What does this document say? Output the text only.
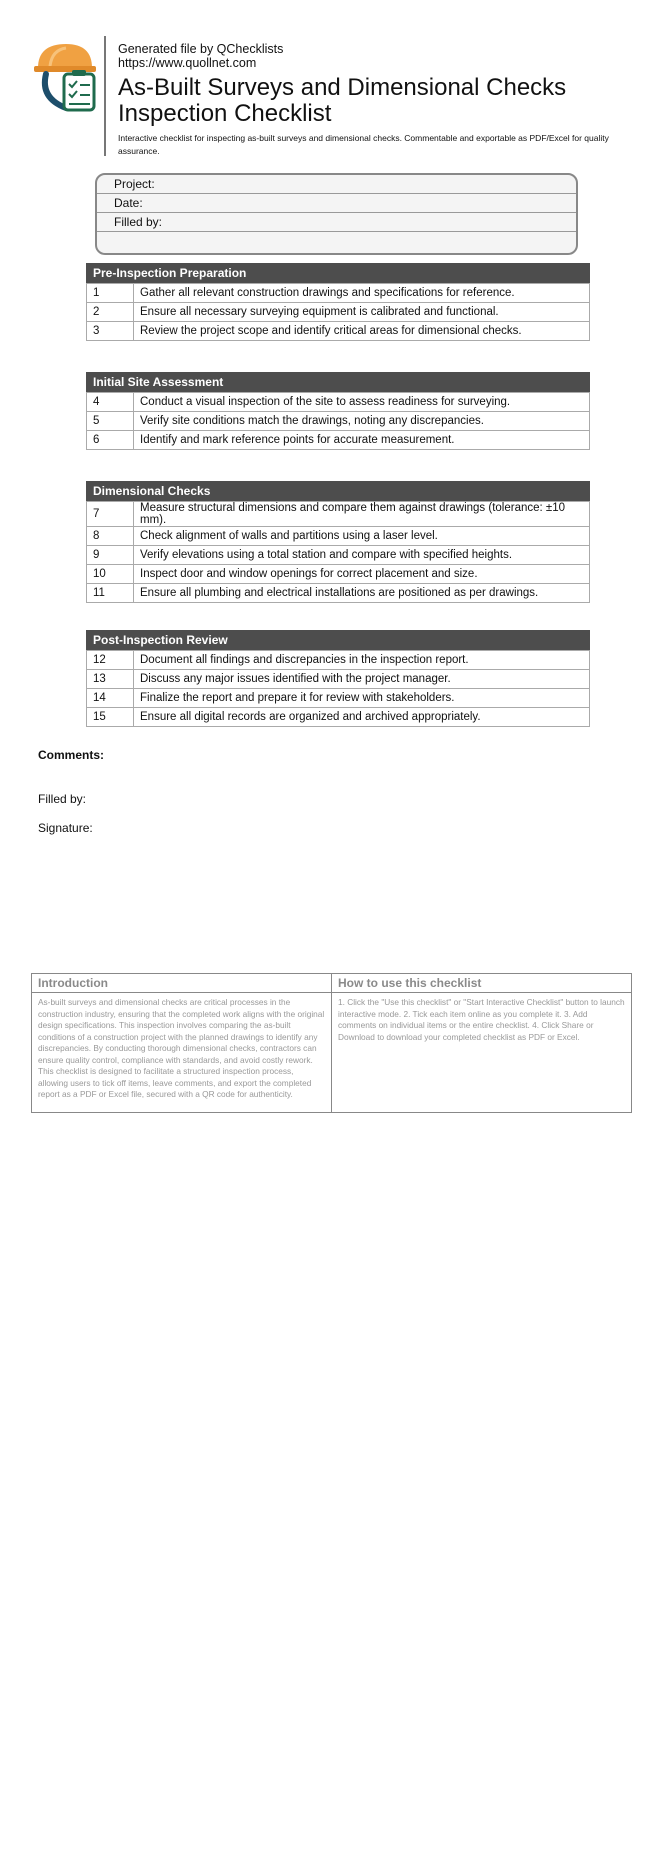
Generated file by QChecklists
https://www.quollnet.com
As-Built Surveys and Dimensional Checks
Inspection Checklist
Interactive checklist for inspecting as-built surveys and dimensional checks. Commentable and exportable as PDF/Excel for quality assurance.
Project:
Date:
Filled by:
Pre-Inspection Preparation
1	Gather all relevant construction drawings and specifications for reference.
2	Ensure all necessary surveying equipment is calibrated and functional.
3	Review the project scope and identify critical areas for dimensional checks.
Initial Site Assessment
4	Conduct a visual inspection of the site to assess readiness for surveying.
5	Verify site conditions match the drawings, noting any discrepancies.
6	Identify and mark reference points for accurate measurement.
Dimensional Checks
7	Measure structural dimensions and compare them against drawings (tolerance: ±10 mm).
8	Check alignment of walls and partitions using a laser level.
9	Verify elevations using a total station and compare with specified heights.
10	Inspect door and window openings for correct placement and size.
11	Ensure all plumbing and electrical installations are positioned as per drawings.
Post-Inspection Review
12	Document all findings and discrepancies in the inspection report.
13	Discuss any major issues identified with the project manager.
14	Finalize the report and prepare it for review with stakeholders.
15	Ensure all digital records are organized and archived appropriately.
Comments:
Filled by:
Signature:
Introduction
As-built surveys and dimensional checks are critical processes in the construction industry, ensuring that the completed work aligns with the original design specifications. This inspection involves comparing the as-built conditions of a construction project with the planned drawings to identify any discrepancies. By conducting thorough dimensional checks, contractors can ensure quality control, compliance with standards, and avoid costly rework. This checklist is designed to facilitate a structured inspection process, allowing users to tick off items, leave comments, and export the completed report as a PDF or Excel file, secured with a QR code for authenticity.
How to use this checklist
1. Click the "Use this checklist" or "Start Interactive Checklist" button to launch interactive mode. 2. Tick each item online as you complete it. 3. Add comments on individual items or the entire checklist. 4. Click Share or Download to download your completed checklist as PDF or Excel.
